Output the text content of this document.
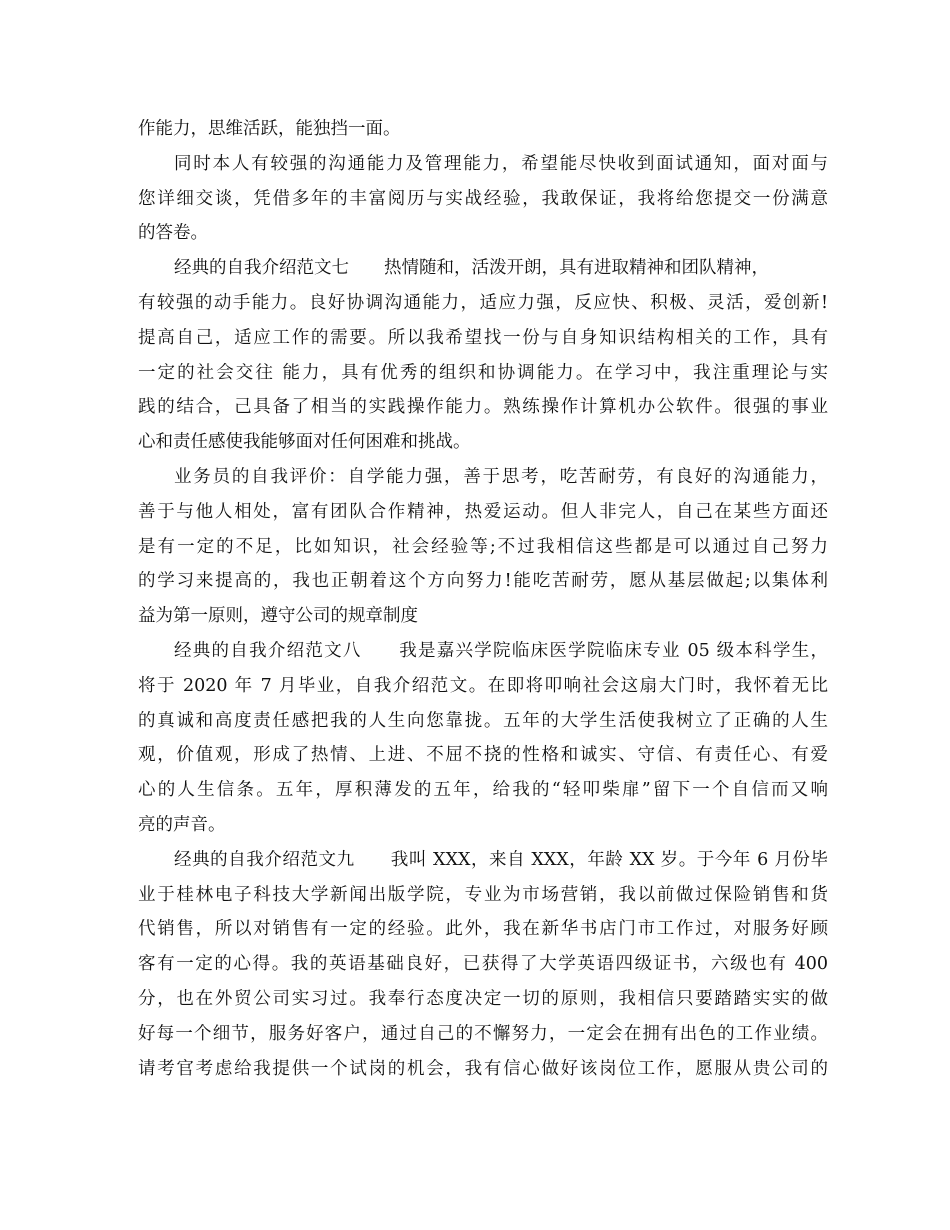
作能力，思维活跃，能独挡一面。
同时本人有较强的沟通能力及管理能力，希望能尽快收到面试通知，面对面与
您详细交谈，凭借多年的丰富阅历与实战经验，我敢保证，我将给您提交一份满意
的答卷。
经典的自我介绍范文七　　热情随和，活泼开朗，具有进取精神和团队精神，
有较强的动手能力。良好协调沟通能力，适应力强，反应快、积极、灵活，爱创新!
提高自己，适应工作的需要。所以我希望找一份与自身知识结构相关的工作，具有
一定的社会交往 能力，具有优秀的组织和协调能力。在学习中，我注重理论与实
践的结合，己具备了相当的实践操作能力。熟练操作计算机办公软件。很强的事业
心和责任感使我能够面对任何困难和挑战。
业务员的自我评价：自学能力强，善于思考，吃苦耐劳，有良好的沟通能力，
善于与他人相处，富有团队合作精神，热爱运动。但人非完人，自己在某些方面还
是有一定的不足，比如知识，社会经验等;不过我相信这些都是可以通过自己努力
的学习来提高的，我也正朝着这个方向努力!能吃苦耐劳，愿从基层做起;以集体利
益为第一原则，遵守公司的规章制度
经典的自我介绍范文八　　我是嘉兴学院临床医学院临床专业 05 级本科学生，
将于 2020 年 7 月毕业，自我介绍范文。在即将叩响社会这扇大门时，我怀着无比
的真诚和高度责任感把我的人生向您靠拢。五年的大学生活使我树立了正确的人生
观，价值观，形成了热情、上进、不屈不挠的性格和诚实、守信、有责任心、有爱
心的人生信条。五年，厚积薄发的五年，给我的“轻叩柴扉”留下一个自信而又响
亮的声音。
经典的自我介绍范文九　　我叫 XXX，来自 XXX，年龄 XX 岁。于今年 6 月份毕
业于桂林电子科技大学新闻出版学院，专业为市场营销，我以前做过保险销售和货
代销售，所以对销售有一定的经验。此外，我在新华书店门市工作过，对服务好顾
客有一定的心得。我的英语基础良好，已获得了大学英语四级证书，六级也有 400
分，也在外贸公司实习过。我奉行态度决定一切的原则，我相信只要踏踏实实的做
好每一个细节，服务好客户，通过自己的不懈努力，一定会在拥有出色的工作业绩。
请考官考虑给我提供一个试岗的机会，我有信心做好该岗位工作，愿服从贵公司的
